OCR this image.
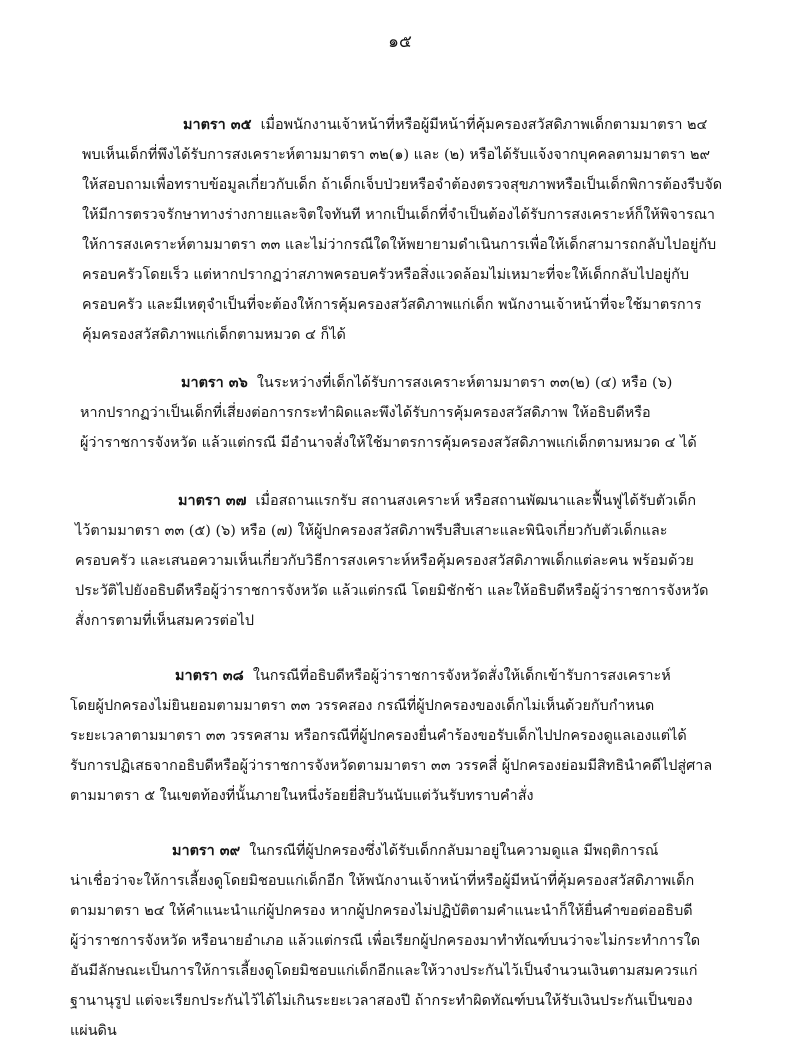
๑๕
มาตรา ๓๕ เมื่อพนักงานเจ้าหน้าที่หรือผู้มีหน้าที่คุ้มครองสวัสดิภาพเด็กตามมาตรา ๒๔
พบเห็นเด็กที่พึงได้รับการสงเคราะห์ตามมาตรา ๓๒(๑) และ (๒) หรือได้รับแจ้งจากบุคคลตามมาตรา ๒๙
ให้สอบถามเพื่อทราบข้อมูลเกี่ยวกับเด็ก ถ้าเด็กเจ็บป่วยหรือจำต้องตรวจสุขภาพหรือเป็นเด็กพิการต้องรีบจัด
ให้มีการตรวจรักษาทางร่างกายและจิตใจทันที หากเป็นเด็กที่จำเป็นต้องได้รับการสงเคราะห์ก็ให้พิจารณา
ให้การสงเคราะห์ตามมาตรา ๓๓ และไม่ว่ากรณีใดให้พยายามดำเนินการเพื่อให้เด็กสามารถกลับไปอยู่กับ
ครอบครัวโดยเร็ว แต่หากปรากฏว่าสภาพครอบครัวหรือสิ่งแวดล้อมไม่เหมาะที่จะให้เด็กกลับไปอยู่กับ
ครอบครัว และมีเหตุจำเป็นที่จะต้องให้การคุ้มครองสวัสดิภาพแก่เด็ก พนักงานเจ้าหน้าที่จะใช้มาตรการ
คุ้มครองสวัสดิภาพแก่เด็กตามหมวด ๔ ก็ได้
มาตรา ๓๖ ในระหว่างที่เด็กได้รับการสงเคราะห์ตามมาตรา ๓๓(๒) (๔) หรือ (๖)
หากปรากฏว่าเป็นเด็กที่เสี่ยงต่อการกระทำผิดและพึงได้รับการคุ้มครองสวัสดิภาพ ให้อธิบดีหรือ
ผู้ว่าราชการจังหวัด แล้วแต่กรณี มีอำนาจสั่งให้ใช้มาตรการคุ้มครองสวัสดิภาพแก่เด็กตามหมวด ๔ ได้
มาตรา ๓๗ เมื่อสถานแรกรับ สถานสงเคราะห์ หรือสถานพัฒนาและฟื้นฟูได้รับตัวเด็ก
ไว้ตามมาตรา ๓๓ (๕) (๖) หรือ (๗) ให้ผู้ปกครองสวัสดิภาพรีบสืบเสาะและพินิจเกี่ยวกับตัวเด็กและ
ครอบครัว และเสนอความเห็นเกี่ยวกับวิธีการสงเคราะห์หรือคุ้มครองสวัสดิภาพเด็กแต่ละคน พร้อมด้วย
ประวัติไปยังอธิบดีหรือผู้ว่าราชการจังหวัด แล้วแต่กรณี โดยมิชักช้า และให้อธิบดีหรือผู้ว่าราชการจังหวัด
สั่งการตามที่เห็นสมควรต่อไป
มาตรา ๓๘ ในกรณีที่อธิบดีหรือผู้ว่าราชการจังหวัดสั่งให้เด็กเข้ารับการสงเคราะห์
โดยผู้ปกครองไม่ยินยอมตามมาตรา ๓๓ วรรคสอง กรณีที่ผู้ปกครองของเด็กไม่เห็นด้วยกับกำหนด
ระยะเวลาตามมาตรา ๓๓ วรรคสาม หรือกรณีที่ผู้ปกครองยื่นคำร้องขอรับเด็กไปปกครองดูแลเองแต่ได้
รับการปฏิเสธจากอธิบดีหรือผู้ว่าราชการจังหวัดตามมาตรา ๓๓ วรรคสี่ ผู้ปกครองย่อมมีสิทธินำคดีไปสู่ศาล
ตามมาตรา ๕ ในเขตท้องที่นั้นภายในหนึ่งร้อยยี่สิบวันนับแต่วันรับทราบคำสั่ง
มาตรา ๓๙ ในกรณีที่ผู้ปกครองซึ่งได้รับเด็กกลับมาอยู่ในความดูแล มีพฤติการณ์
น่าเชื่อว่าจะให้การเลี้ยงดูโดยมิชอบแก่เด็กอีก ให้พนักงานเจ้าหน้าที่หรือผู้มีหน้าที่คุ้มครองสวัสดิภาพเด็ก
ตามมาตรา ๒๔ ให้คำแนะนำแก่ผู้ปกครอง หากผู้ปกครองไม่ปฏิบัติตามคำแนะนำก็ให้ยื่นคำขอต่ออธิบดี
ผู้ว่าราชการจังหวัด หรือนายอำเภอ แล้วแต่กรณี เพื่อเรียกผู้ปกครองมาทำทัณฑ์บนว่าจะไม่กระทำการใด
อันมีลักษณะเป็นการให้การเลี้ยงดูโดยมิชอบแก่เด็กอีกและให้วางประกันไว้เป็นจำนวนเงินตามสมควรแก่
ฐานานุรูป แต่จะเรียกประกันไว้ได้ไม่เกินระยะเวลาสองปี ถ้ากระทำผิดทัณฑ์บนให้รับเงินประกันเป็นของ
แผ่นดิน
